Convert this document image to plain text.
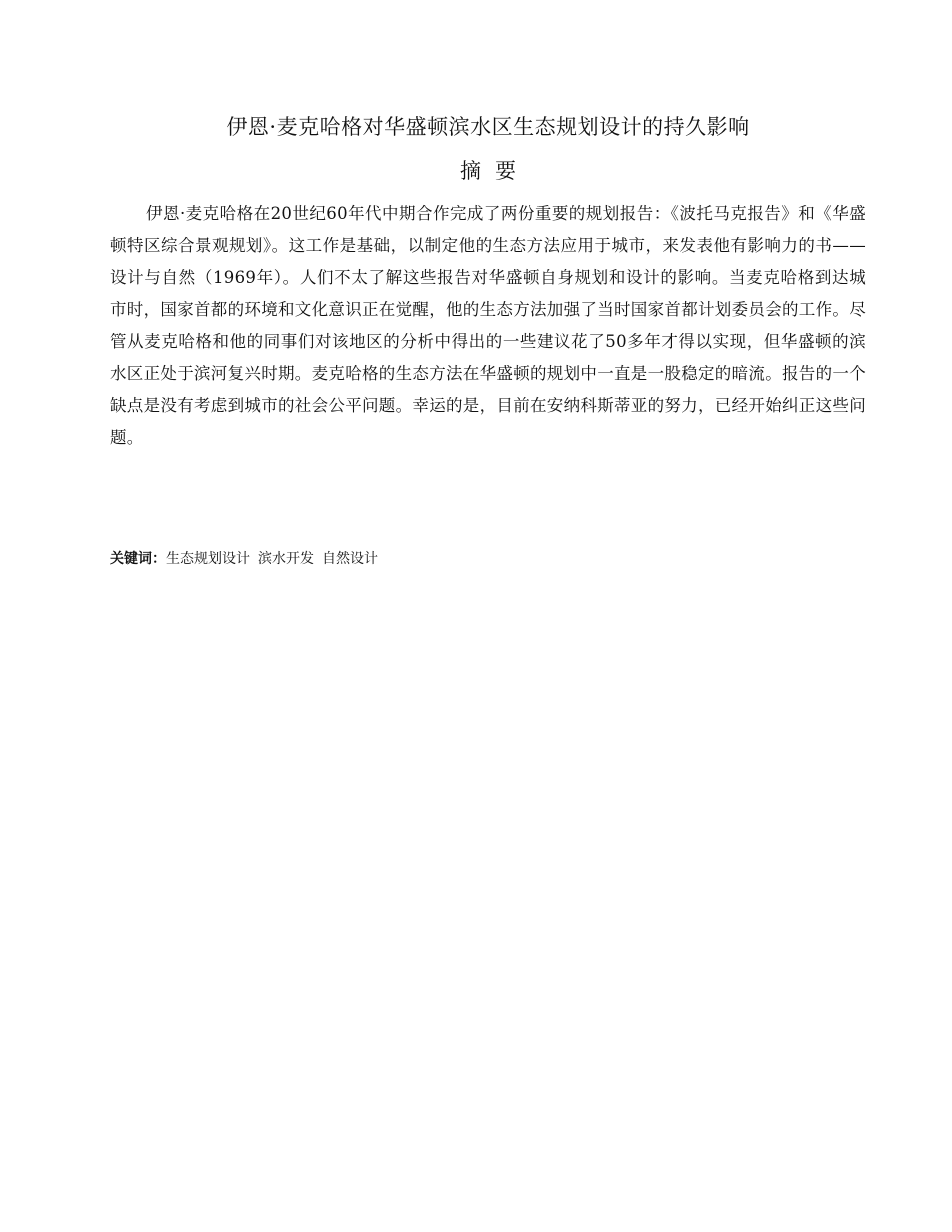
伊恩·麦克哈格对华盛顿滨水区生态规划设计的持久影响
摘要

伊恩·麦克哈格在20世纪60年代中期合作完成了两份重要的规划报告：《波托马克报告》和《华盛顿特区综合景观规划》。这工作是基础，以制定他的生态方法应用于城市，来发表他有影响力的书——设计与自然（1969年）。人们不太了解这些报告对华盛顿自身规划和设计的影响。当麦克哈格到达城市时，国家首都的环境和文化意识正在觉醒，他的生态方法加强了当时国家首都计划委员会的工作。尽管从麦克哈格和他的同事们对该地区的分析中得出的一些建议花了50多年才得以实现，但华盛顿的滨水区正处于滨河复兴时期。麦克哈格的生态方法在华盛顿的规划中一直是一股稳定的暗流。报告的一个缺点是没有考虑到城市的社会公平问题。幸运的是，目前在安纳科斯蒂亚的努力，已经开始纠正这些问题。

关键词：生态规划设计 滨水开发 自然设计
